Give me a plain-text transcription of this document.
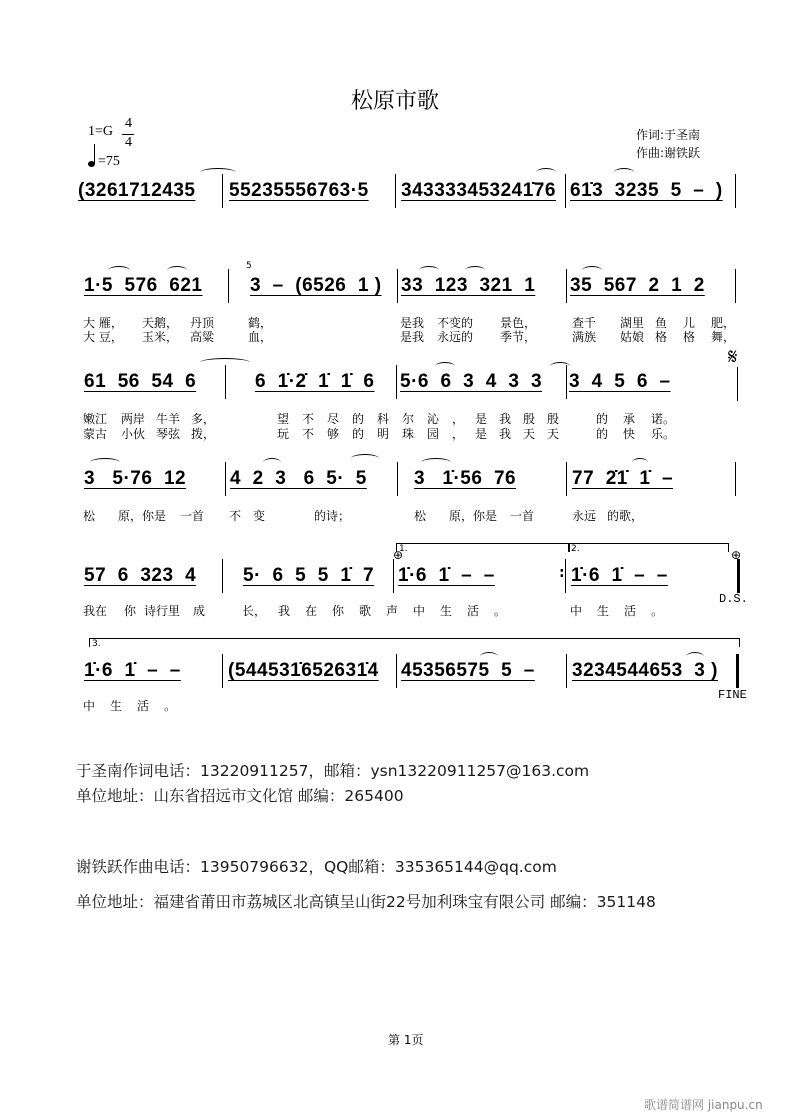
松原市歌
1=G
4
4
=75
作词:于圣南
作曲:谢铁跃
于圣南作词电话：13220911257，邮箱：ysn13220911257@163.com
单位地址：山东省招远市文化馆 邮编：265400
谢铁跃作曲电话：13950796632，QQ邮箱：335365144@qq.com
单位地址：福建省莆田市荔城区北高镇呈山街22号加利珠宝有限公司 邮编：351148
第 1页
歌谱简谱网 jianpu.cn
(3261712435 55235556763·5 343333453241̇76 61̇3  3235  5  –  )
1·5  576  621	3  –  (6526  1 ) 33  123  321  1 35  567  2  1  2
5
大 雁， 天鹅， 丹顶	鹤，	是我 不变的 景色，	查千 湖里 鱼 儿 肥，
大 豆， 玉米， 高粱	血，	是我 永远的 季节，	满族 姑娘 格 格 舞，
61  56  54  6	6  1̇·2̇  1̇  1̇  6 5·6  6  3  4  3  3 3  4  5  6  –
嫩江 两岸 牛羊 多，	望不尽的科尔沁，
是我殷殷 的承 诺。
蒙古 小伙 琴弦 拨，	玩不够的明珠园，
是我天天 的快 乐。
𝄋
3   5·76  12 4  2  3   6  5·  5 3   1̇·56  76	77  2̇1̇  1̇  –
松 原，你是 一首 不变	的诗；	松 原，你是 一首	永远 的歌，
57  6  323  4 5·  6  5  5  1̇  7 1̇·6  1̇  –  –	1̇·6  1̇  –  –
我在 你 诗行里 成	长， 我在你歌声中生活。	中生活。
1.	2.
D.S.
1̇·6  1̇  –  – (544531̇652631̇4 45356575  5  – 3234544653  3 )
中生活。
3.
FINE
⊕	⊕
:
